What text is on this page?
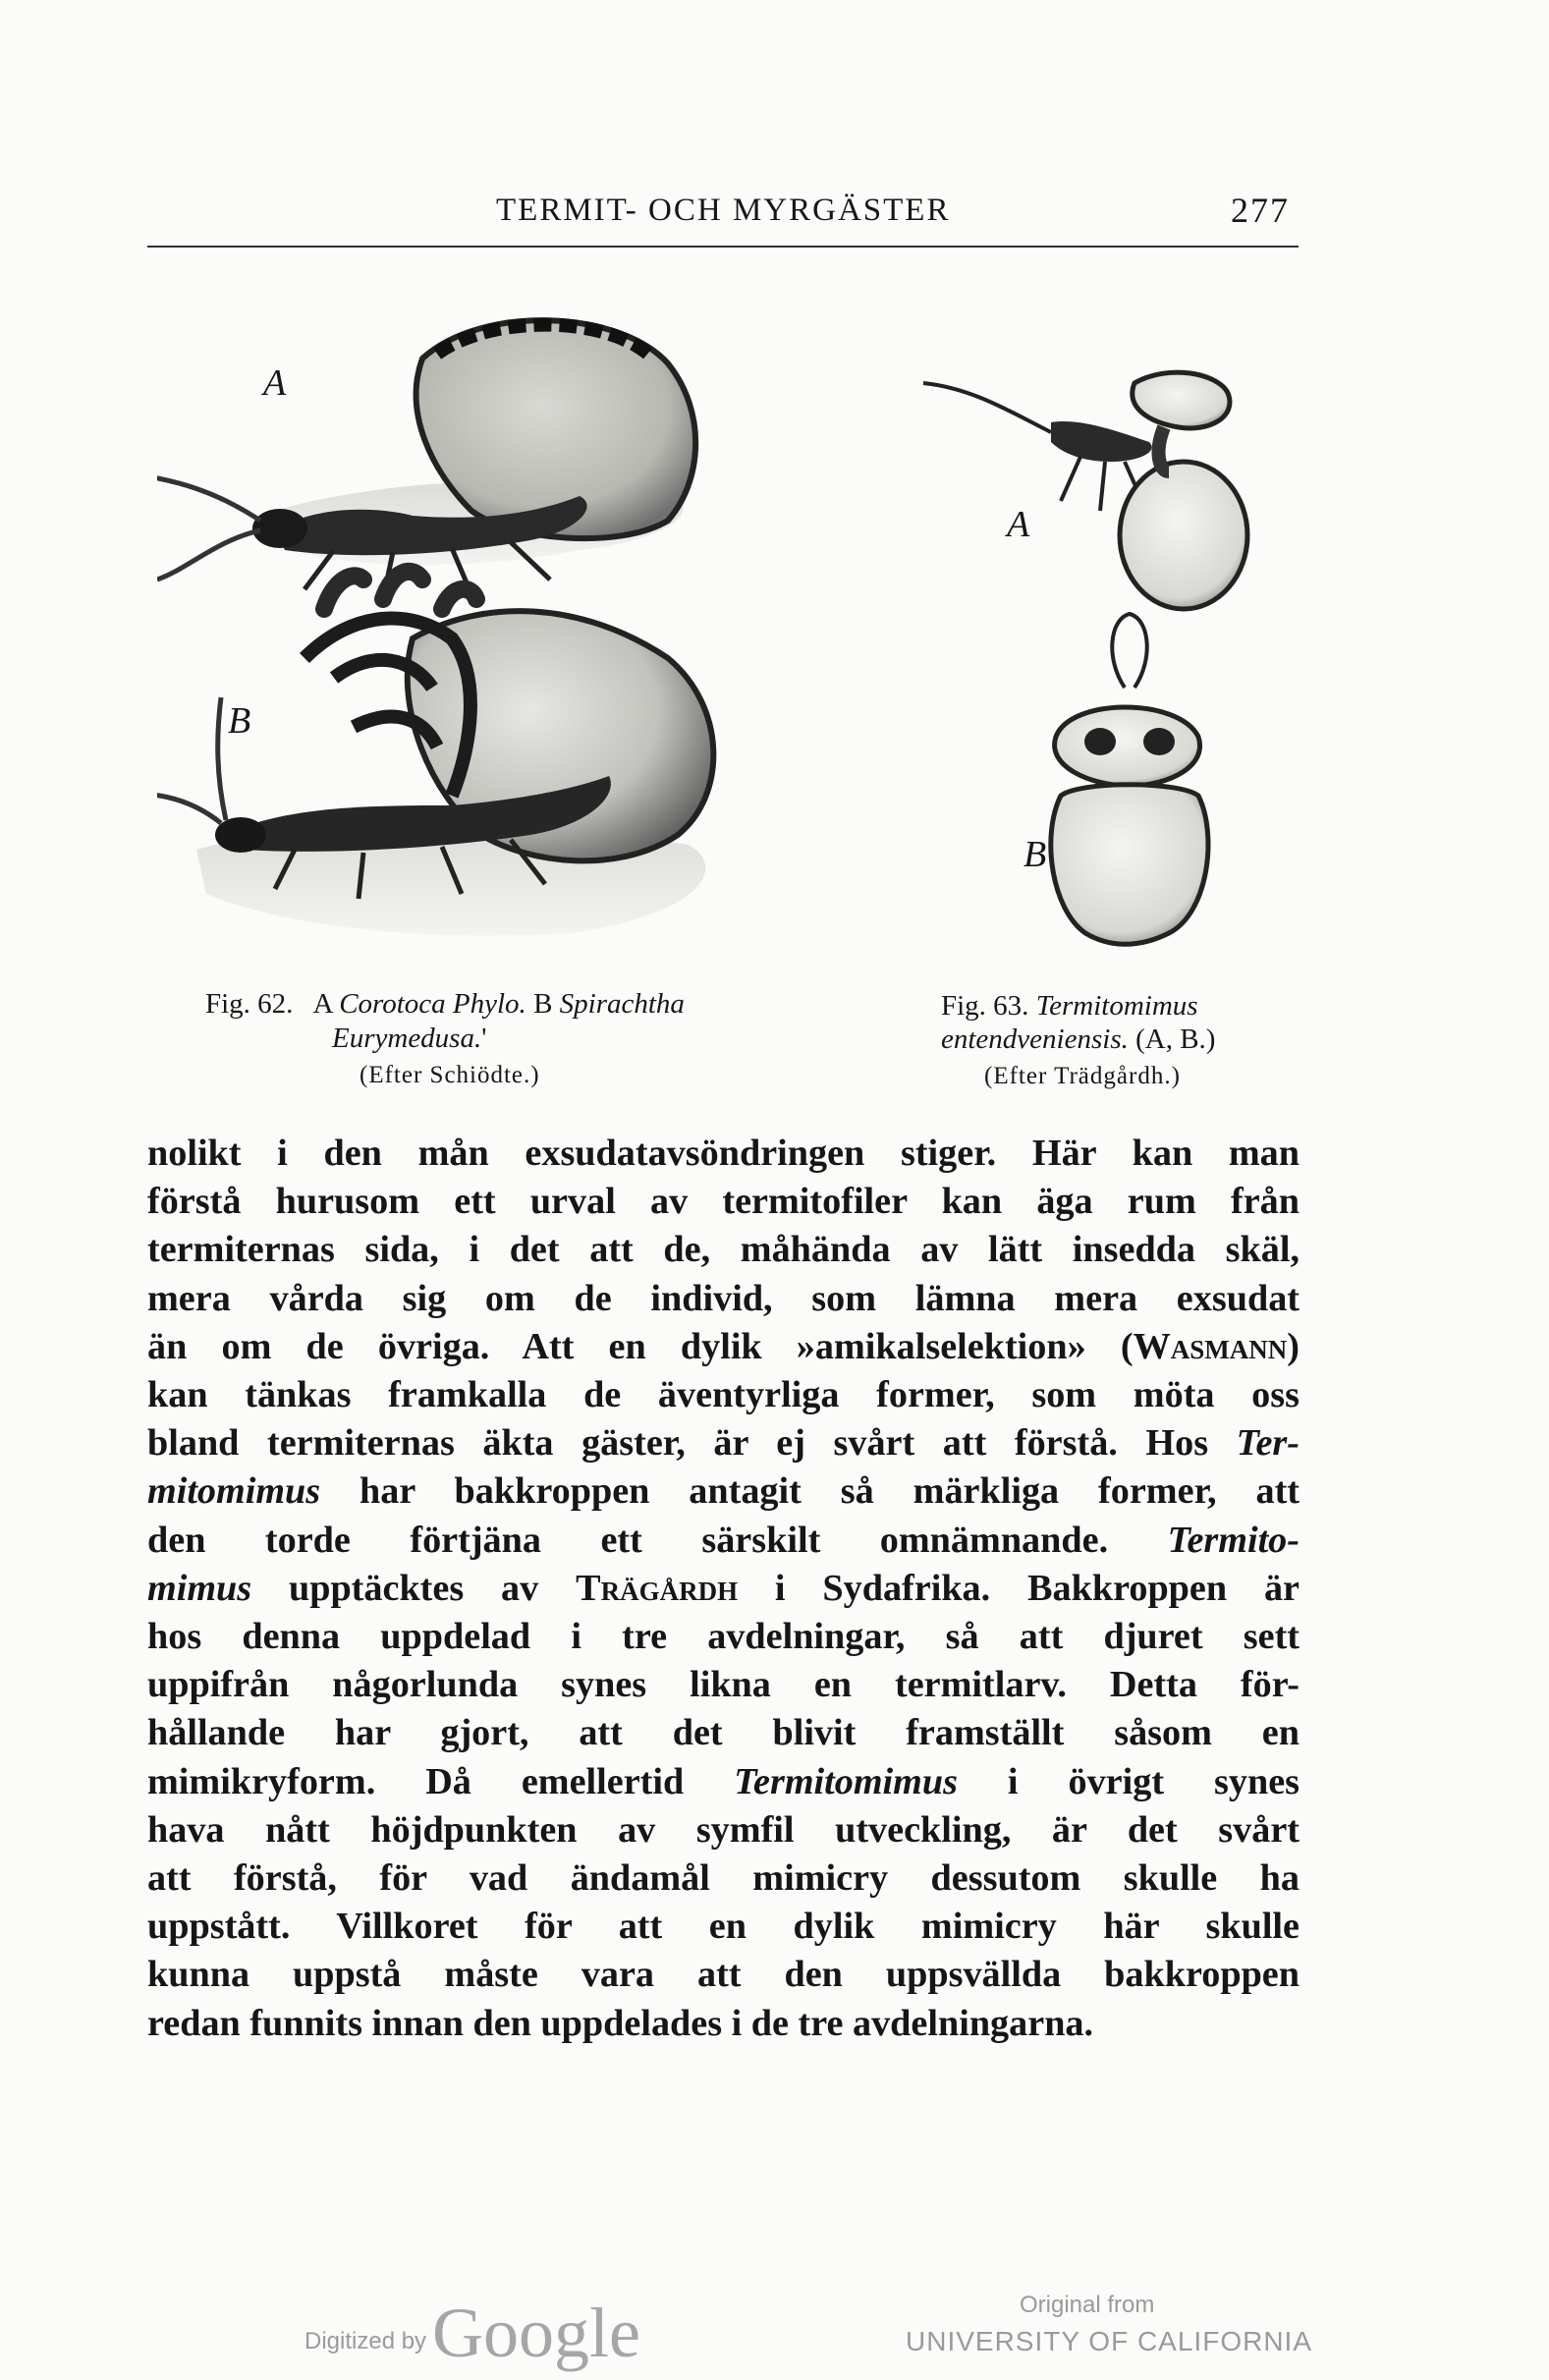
TERMIT- OCH MYRGÄSTER	277
A
B
A
B
Fig. 62. A Corotoca Phylo. B Spirachtha
Eurymedusa.'
(Efter Schiödte.)
Fig. 63. Termitomimus
entendveniensis. (A, B.)
(Efter Trädgårdh.)
nolikt i den mån exsudatavsöndringen stiger. Här kan man
förstå hurusom ett urval av termitofiler kan äga rum från
termiternas sida, i det att de, måhända av lätt insedda skäl,
mera vårda sig om de individ, som lämna mera exsudat
än om de övriga. Att en dylik »amikalselektion» (Wasmann)
kan tänkas framkalla de äventyrliga former, som möta oss
bland termiternas äkta gäster, är ej svårt att förstå. Hos Ter-
mitomimus har bakkroppen antagit så märkliga former, att
den torde förtjäna ett särskilt omnämnande. Termito-
mimus upptäcktes av Trägårdh i Sydafrika. Bakkroppen är
hos denna uppdelad i tre avdelningar, så att djuret sett
uppifrån någorlunda synes likna en termitlarv. Detta för-
hållande har gjort, att det blivit framställt såsom en
mimikryform. Då emellertid Termitomimus i övrigt synes
hava nått höjdpunkten av symfil utveckling, är det svårt
att förstå, för vad ändamål mimicry dessutom skulle ha
uppstått. Villkoret för att en dylik mimicry här skulle
kunna uppstå måste vara att den uppsvällda bakkroppen
redan funnits innan den uppdelades i de tre avdelningarna.
Digitized by Google	Original from
UNIVERSITY OF CALIFORNIA
